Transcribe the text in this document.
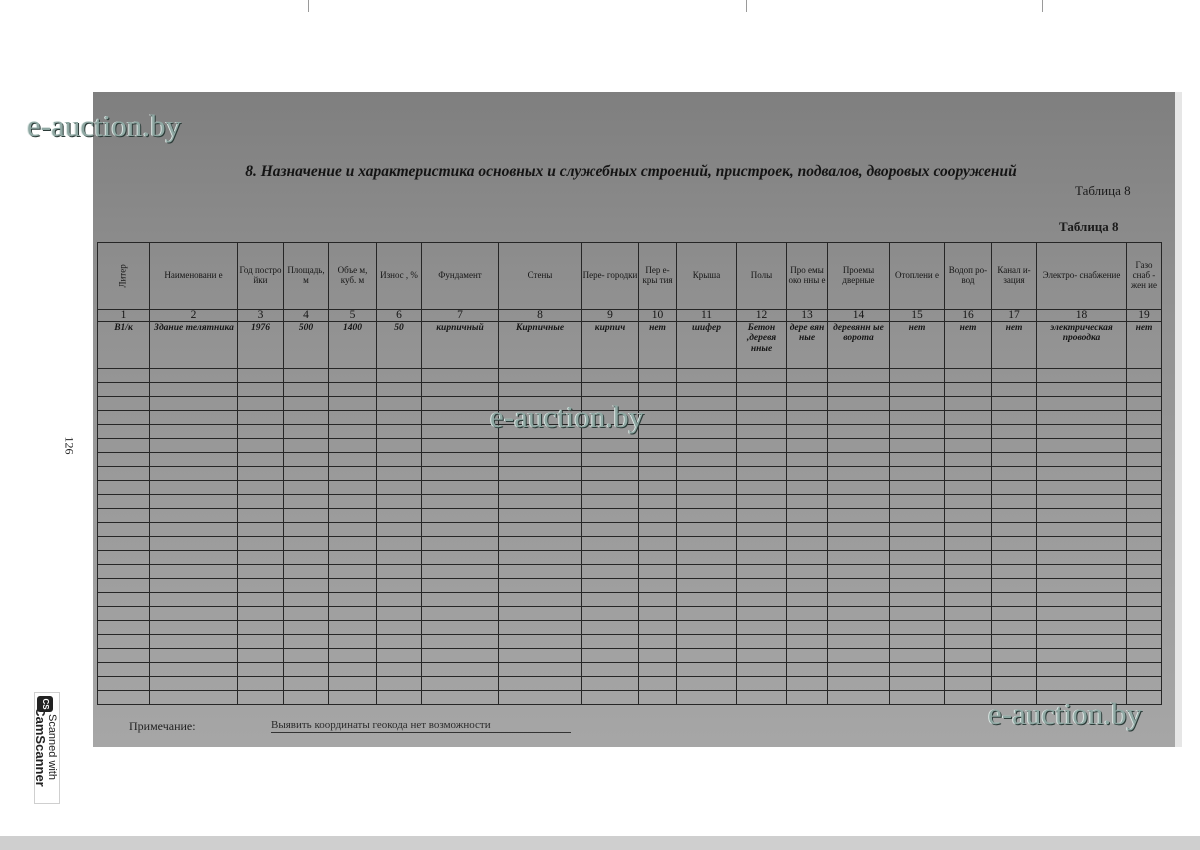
8. Назначение и характеристика основных и служебных строений, пристроек, подвалов, дворовых сооружений
Таблица 8
Таблица 8
Литер	Наименовани е	Год постро йки	Площадь, м	Объе м, куб. м	Износ , %	Фундамент	Стены	Пере- городки	Пер е- кры тия	Крыша	Полы	Про емы око нны е	Проемы дверные	Отоплени е	Водоп ро- вод	Канал и- зация	Электро- снабжение	Газо снаб - жен ие
1	2	3	4	5	6	7	8	9	10	11	12	13	14	15	16	17	18	19
В1/к	Здание телятника	1976	500	1400	50	кирпичный	Кирпичные	кирпич	нет	шифер	Бетон ,деревя нные	дере вян ные	деревянн ые ворота	нет	нет	нет	электрическая проводка	нет

Примечание:	Выявить координаты геокода нет возможности
e-auction.by
e-auction.by
e-auction.by
126
CS
Scanned with
CamScanner
